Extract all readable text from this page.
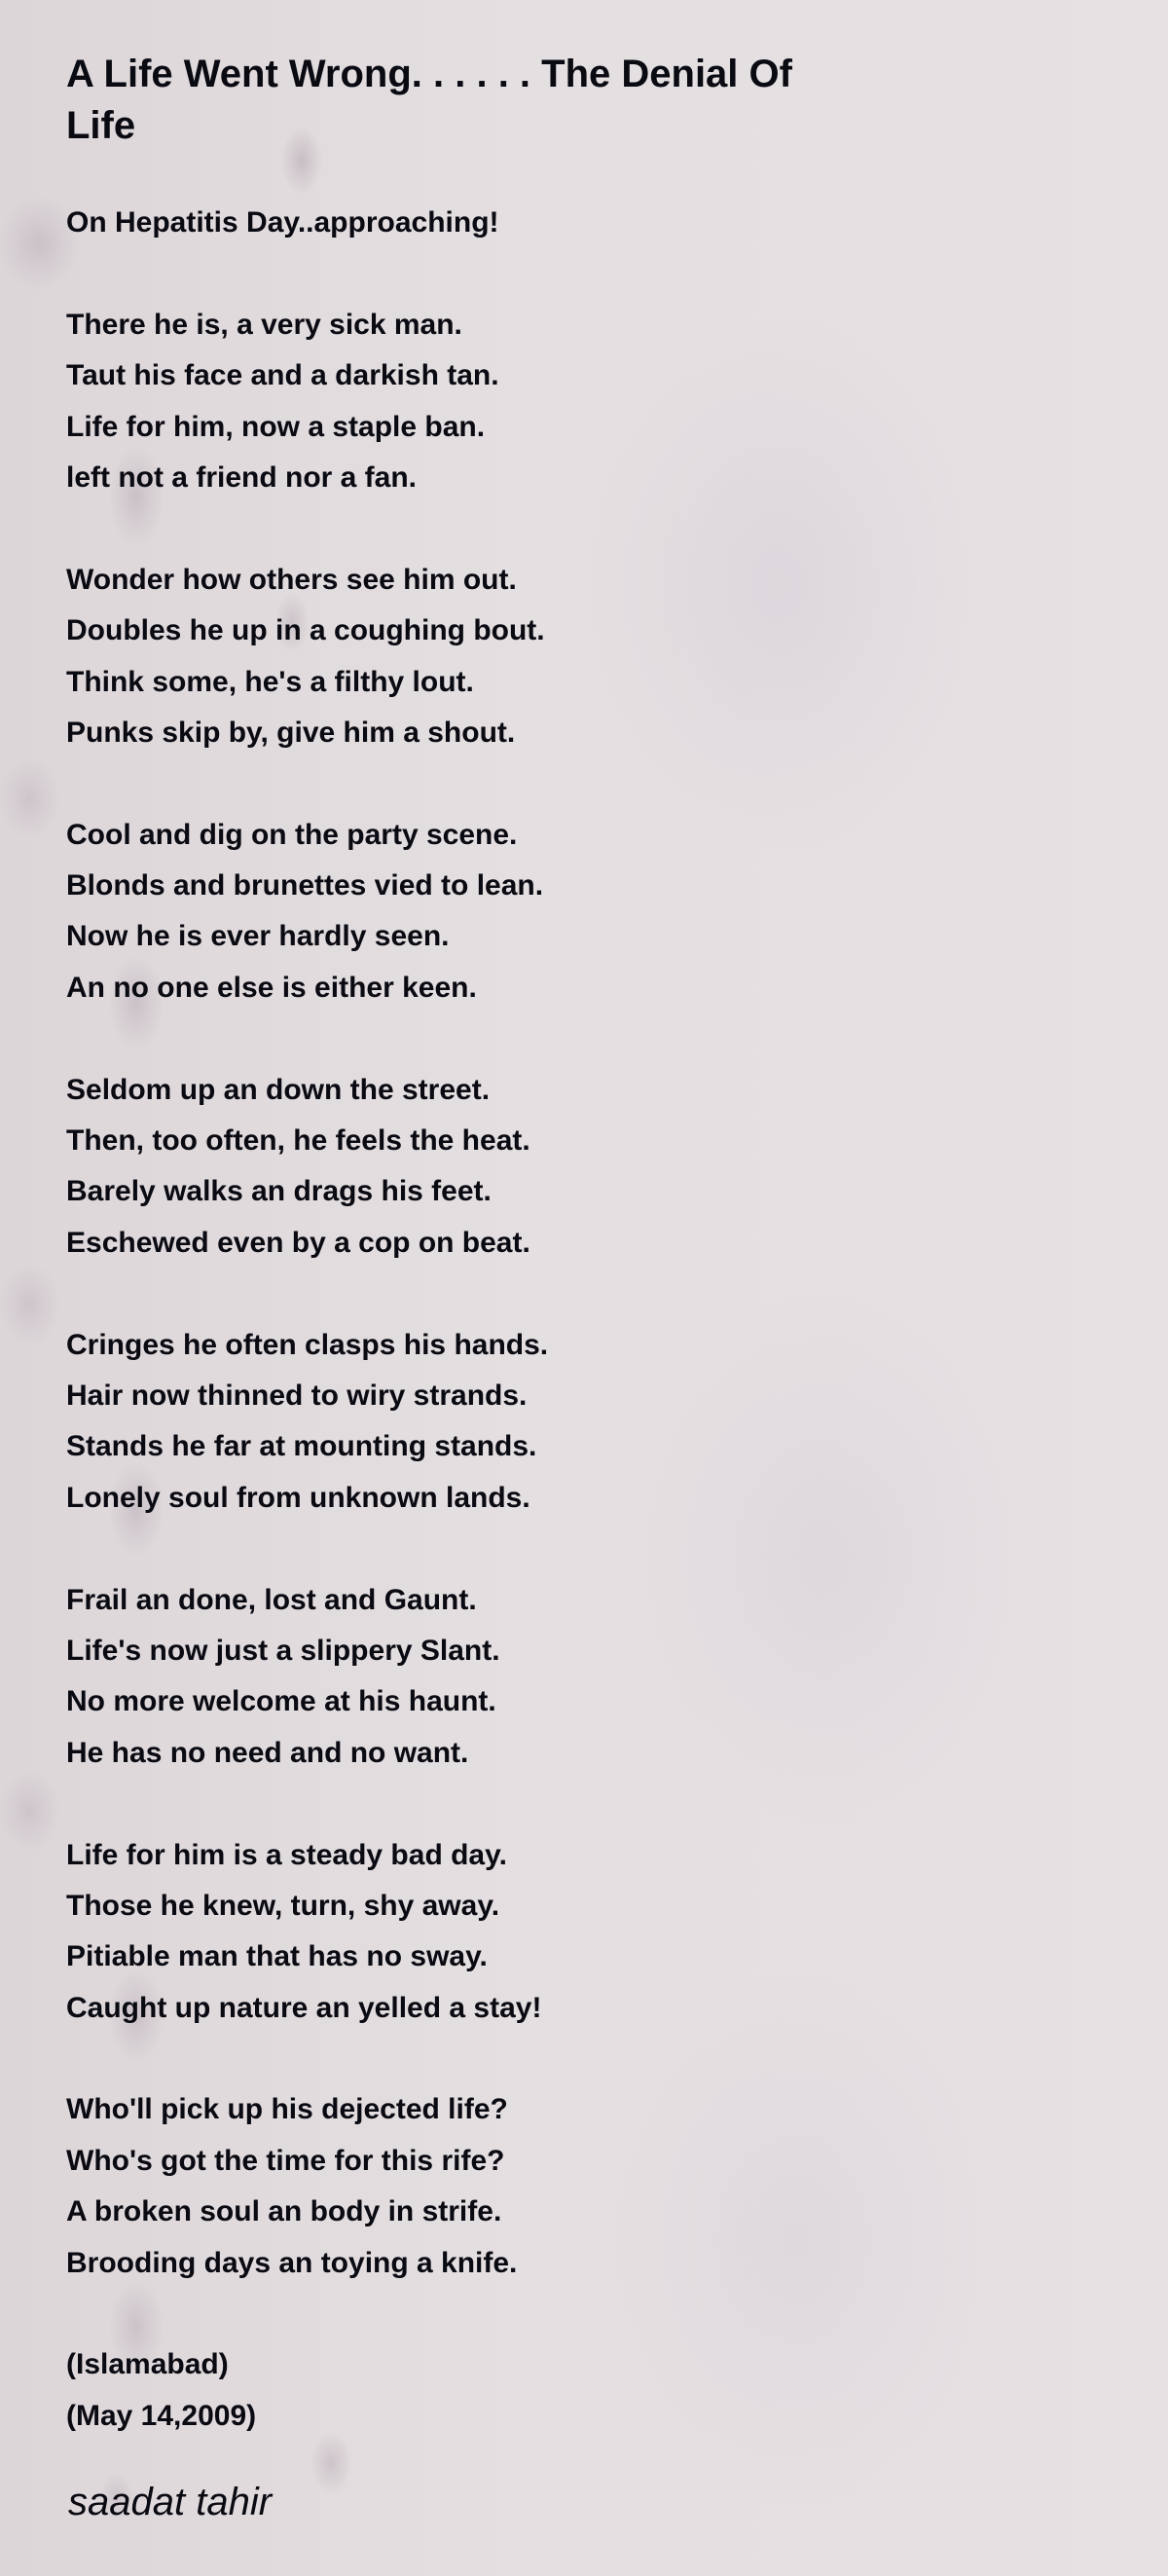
A Life Went Wrong. . . . . . The Denial Of Life
On Hepatitis Day..approaching!
There he is, a very sick man.
Taut his face and a darkish tan.
Life for him, now a staple ban.
left not a friend nor a fan.
Wonder how others see him out.
Doubles he up in a coughing bout.
Think some, he's a filthy lout.
Punks skip by, give him a shout.
Cool and dig on the party scene.
Blonds and brunettes vied to lean.
Now he is ever hardly seen.
An no one else is either keen.
Seldom up an down the street.
Then, too often, he feels the heat.
Barely walks an drags his feet.
Eschewed even by a cop on beat.
Cringes he often clasps his hands.
Hair now thinned to wiry strands.
Stands he far at mounting stands.
Lonely soul from unknown lands.
Frail an done, lost and Gaunt.
Life's now just a slippery Slant.
No more welcome at his haunt.
He has no need and no want.
Life for him is a steady bad day.
Those he knew, turn, shy away.
Pitiable man that has no sway.
Caught up nature an yelled a stay!
Who'll pick up his dejected life?
Who's got the time for this rife?
A broken soul an body in strife.
Brooding days an toying a knife.
(Islamabad)
(May 14,2009)
saadat tahir
